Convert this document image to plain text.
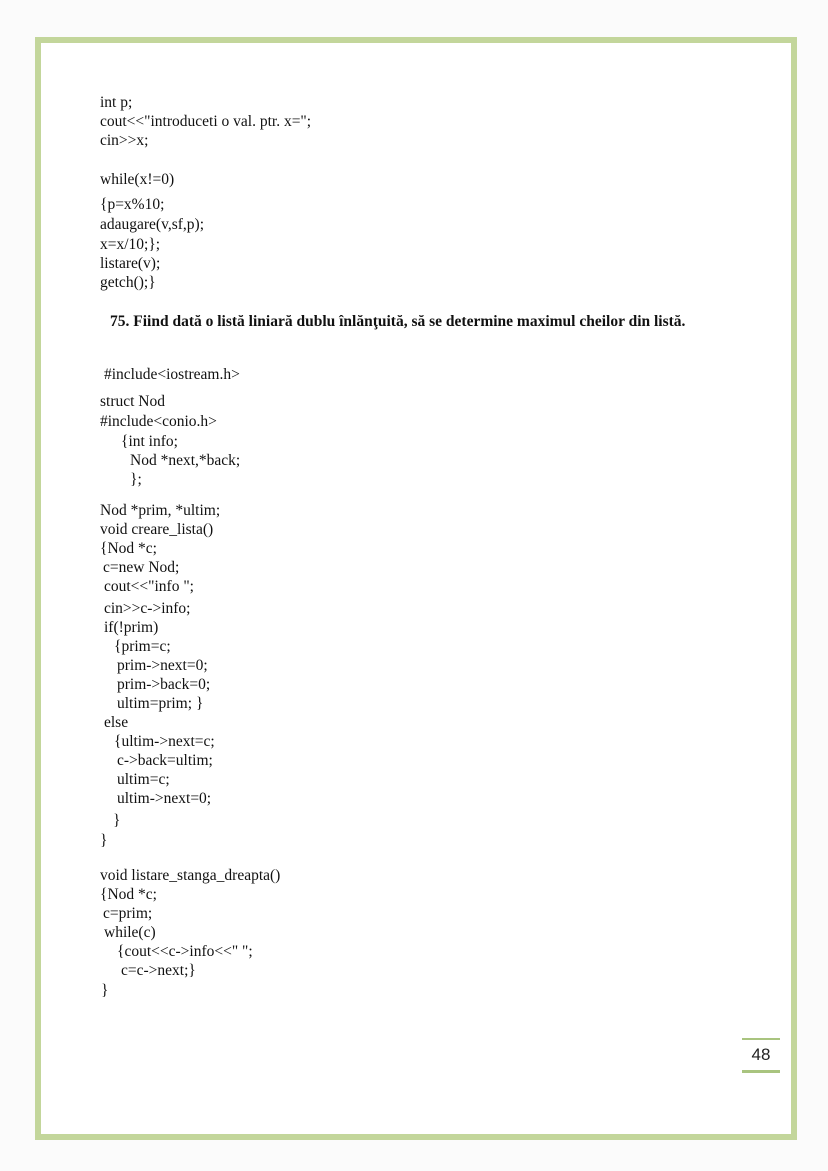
int p;
cout<<"introduceti o val. ptr. x=";
cin>>x;
while(x!=0)
{p=x%10;
adaugare(v,sf,p);
x=x/10;};
listare(v);
getch();}
75. Fiind dată o listă liniară dublu înlănţuită, să se determine maximul cheilor din listă.
#include<iostream.h>
struct Nod
#include<conio.h>
{int info;
Nod *next,*back;
};
Nod *prim, *ultim;
void creare_lista()
{Nod *c;
c=new Nod;
cout<<"info ";
cin>>c->info;
if(!prim)
{prim=c;
prim->next=0;
prim->back=0;
ultim=prim; }
else
{ultim->next=c;
c->back=ultim;
ultim=c;
ultim->next=0;
}
}
void listare_stanga_dreapta()
{Nod *c;
c=prim;
while(c)
{cout<<c->info<<" ";
c=c->next;}
}
48
